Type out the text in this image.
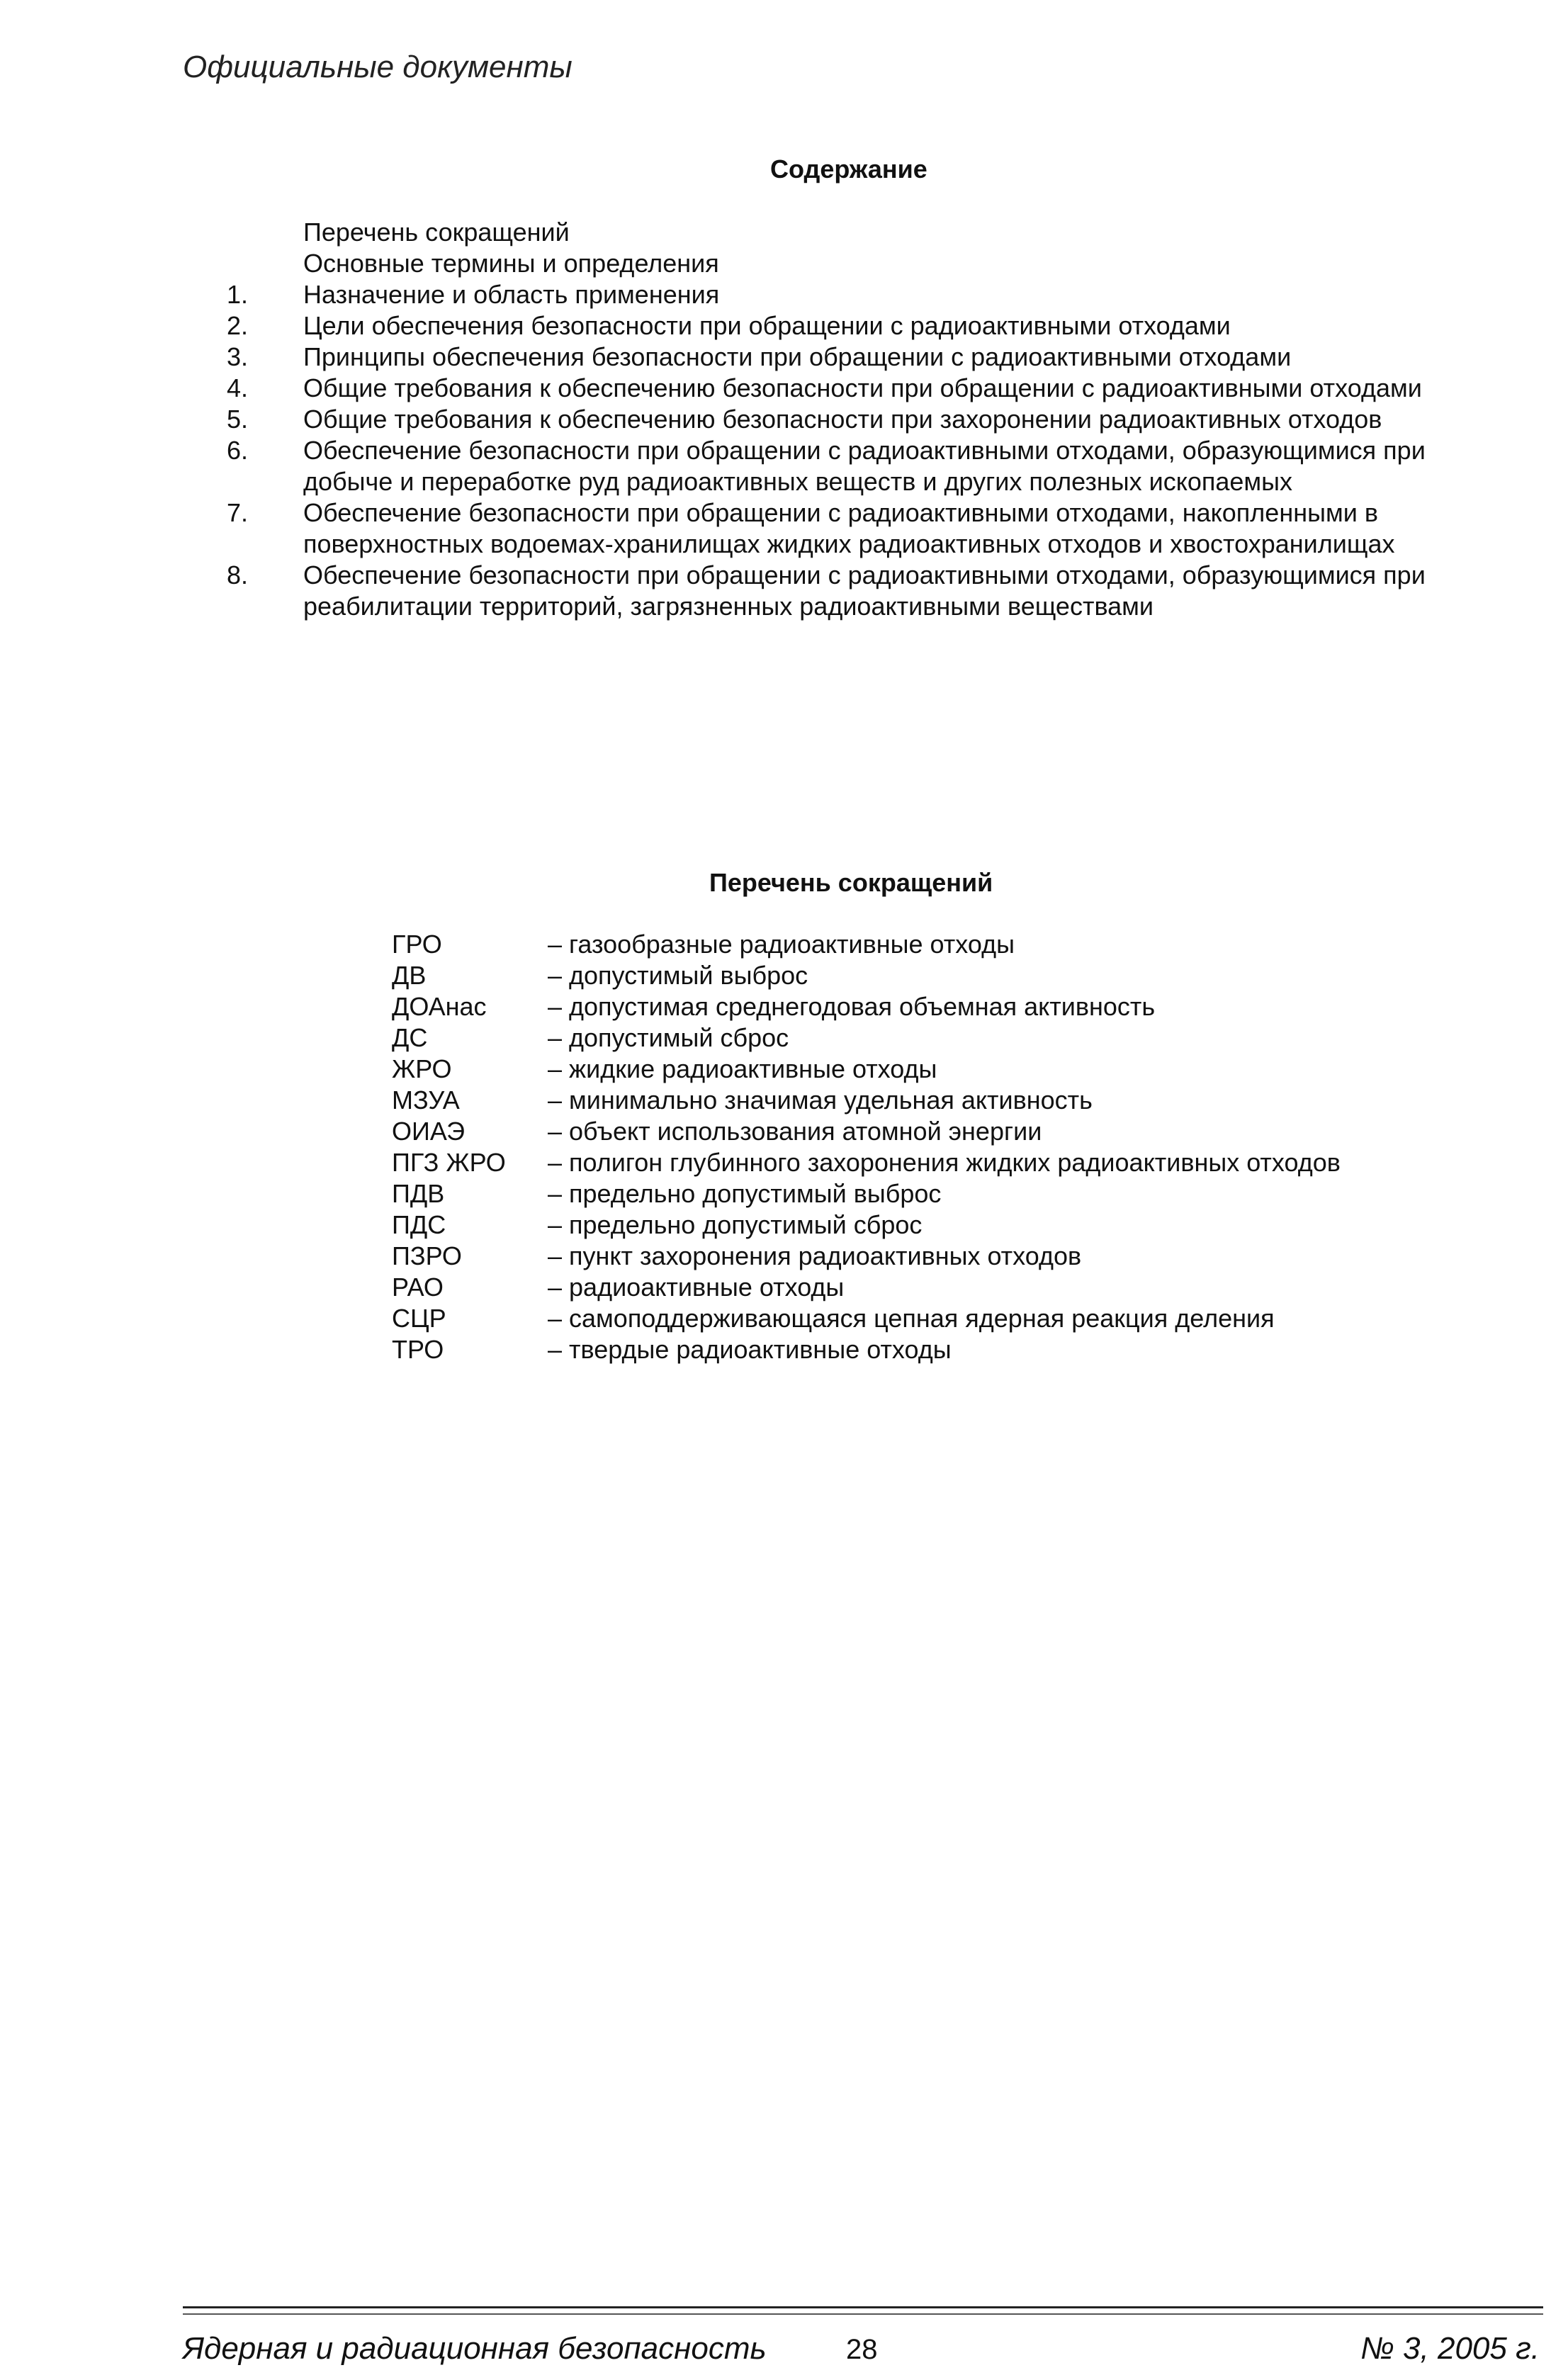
Официальные документы
Содержание
Перечень сокращений
Основные термины и определения
1.	Назначение и область применения
2.	Цели обеспечения безопасности при обращении с радиоактивными отходами
3.	Принципы обеспечения безопасности при обращении с радиоактивными отходами
4.	Общие требования к обеспечению безопасности при обращении с радиоактивными отходами
5.	Общие требования к обеспечению безопасности при захоронении радиоактивных отходов
6.	Обеспечение безопасности при обращении с радиоактивными отходами, образующимися при добыче и переработке руд радиоактивных веществ и других полезных ископаемых
7.	Обеспечение безопасности при обращении с радиоактивными отходами, накопленными в поверхностных водоемах-хранилищах жидких радиоактивных отходов и хвостохранилищах
8.	Обеспечение безопасности при обращении с радиоактивными отходами, образующимися при реабилитации территорий, загрязненных радиоактивными веществами
Перечень сокращений
ГРО	– газообразные радиоактивные отходы
ДВ	– допустимый выброс
ДОАнас	– допустимая среднегодовая объемная активность
ДС	– допустимый сброс
ЖРО	– жидкие радиоактивные отходы
МЗУА	– минимально значимая удельная активность
ОИАЭ	– объект использования атомной энергии
ПГЗ ЖРО	– полигон глубинного захоронения жидких радиоактивных отходов
ПДВ	– предельно допустимый выброс
ПДС	– предельно допустимый сброс
ПЗРО	– пункт захоронения радиоактивных отходов
РАО	– радиоактивные отходы
СЦР	– самоподдерживающаяся цепная ядерная реакция деления
ТРО	– твердые радиоактивные отходы
Ядерная и радиационная безопасность	28	№ 3, 2005 г.
